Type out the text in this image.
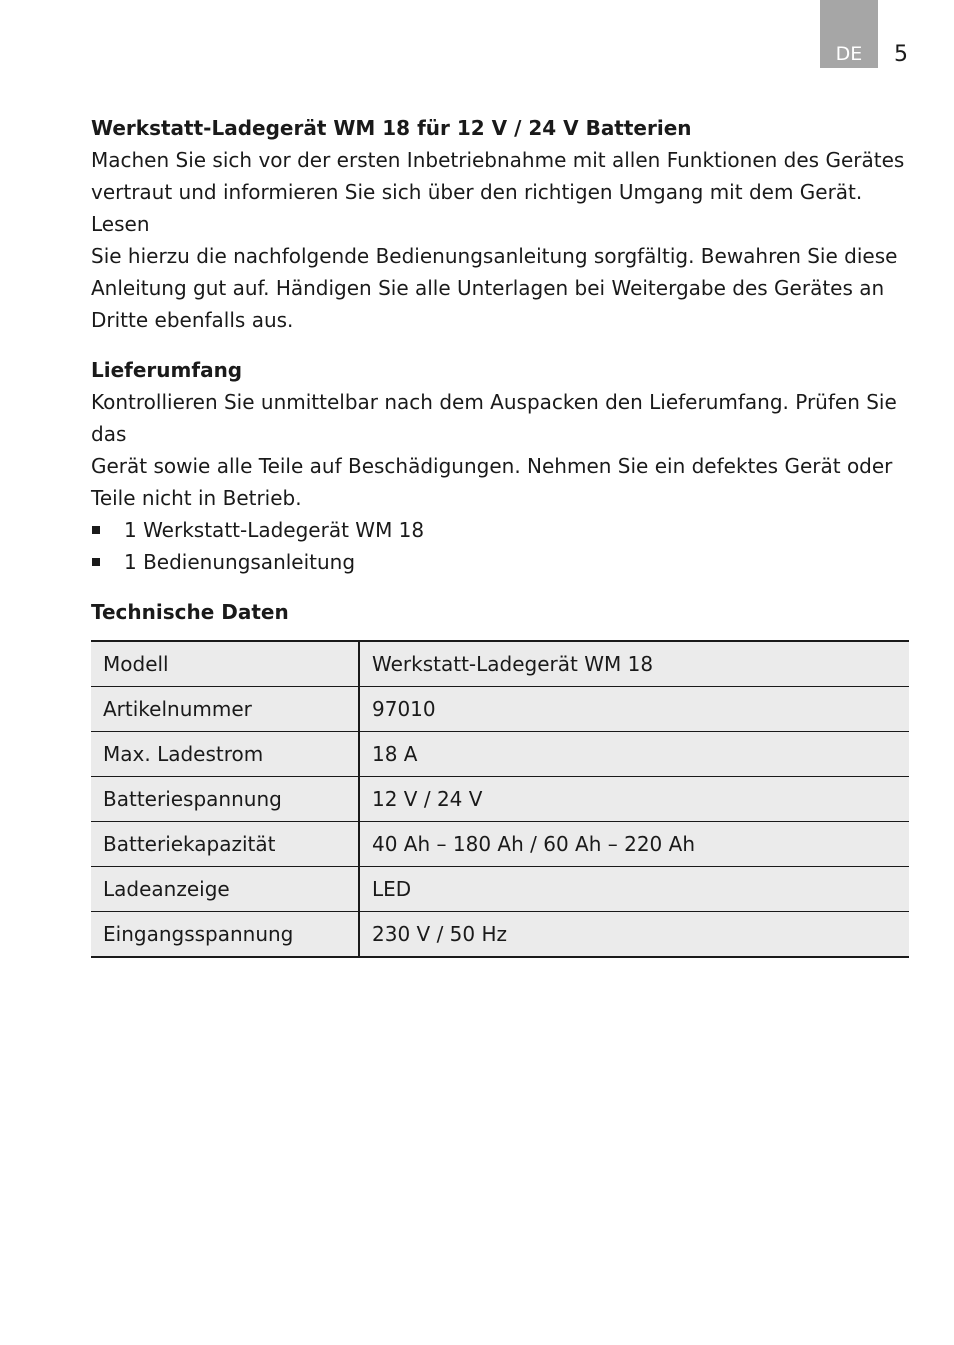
DE	5
Werkstatt-Ladegerät WM 18 für 12 V / 24 V Batterien

Machen Sie sich vor der ersten Inbetriebnahme mit allen Funktionen des Gerätes

vertraut und informieren Sie sich über den richtigen Umgang mit dem Gerät. Lesen

Sie hierzu die nachfolgende Bedienungsanleitung sorgfältig. Bewahren Sie diese

Anleitung gut auf. Händigen Sie alle Unterlagen bei Weitergabe des Gerätes an

Dritte ebenfalls aus.

Lieferumfang

Kontrollieren Sie unmittelbar nach dem Auspacken den Lieferumfang. Prüfen Sie das

Gerät sowie alle Teile auf Beschädigungen. Nehmen Sie ein defektes Gerät oder

Teile nicht in Betrieb.

1 Werkstatt-Ladegerät WM 18
1 Bedienungsanleitung
Technische Daten
Modell	Werkstatt-Ladegerät WM 18
Artikelnummer	97010
Max. Ladestrom	18 A
Batteriespannung	12 V / 24 V
Batteriekapazität	40 Ah – 180 Ah / 60 Ah – 220 Ah
Ladeanzeige	LED
Eingangsspannung	230 V / 50 Hz
